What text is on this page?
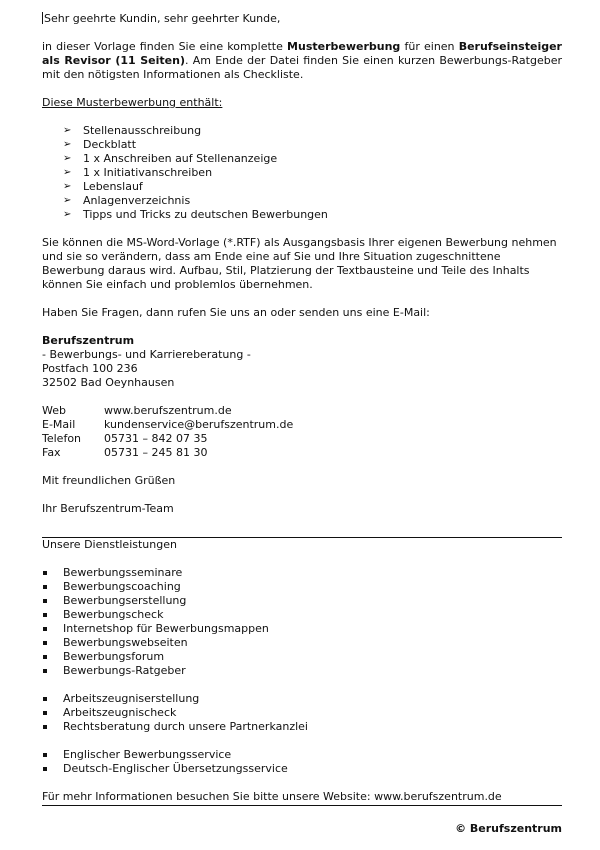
Sehr geehrte Kundin, sehr geehrter Kunde,

in dieser Vorlage finden Sie eine komplette Musterbewerbung für einen Berufseinsteiger als Revisor (11 Seiten). Am Ende der Datei finden Sie einen kurzen Bewerbungs-Ratgeber mit den nötigsten Informationen als Checkliste.

Diese Musterbewerbung enthält:

➢ Stellenausschreibung
➢ Deckblatt
➢ 1 x Anschreiben auf Stellenanzeige
➢ 1 x Initiativanschreiben
➢ Lebenslauf
➢ Anlagenverzeichnis
➢ Tipps und Tricks zu deutschen Bewerbungen

Sie können die MS-Word-Vorlage (*.RTF) als Ausgangsbasis Ihrer eigenen Bewerbung nehmen und sie so verändern, dass am Ende eine auf Sie und Ihre Situation zugeschnittene Bewerbung daraus wird. Aufbau, Stil, Platzierung der Textbausteine und Teile des Inhalts können Sie einfach und problemlos übernehmen.

Haben Sie Fragen, dann rufen Sie uns an oder senden uns eine E-Mail:

Berufszentrum

- Bewerbungs- und Karriereberatung -

Postfach 100 236

32502 Bad Oeynhausen

Web	www.berufszentrum.de
E-Mail	kundenservice@berufszentrum.de
Telefon	05731 – 842 07 35
Fax	05731 – 245 81 30

Mit freundlichen Grüßen

Ihr Berufszentrum-Team

Unsere Dienstleistungen

Bewerbungsseminare
Bewerbungscoaching
Bewerbungserstellung
Bewerbungscheck
Internetshop für Bewerbungsmappen
Bewerbungswebseiten
Bewerbungsforum
Bewerbungs-Ratgeber
Arbeitszeugniserstellung
Arbeitszeugnischeck
Rechtsberatung durch unsere Partnerkanzlei
Englischer Bewerbungsservice
Deutsch-Englischer Übersetzungsservice

Für mehr Informationen besuchen Sie bitte unsere Website: www.berufszentrum.de

© Berufszentrum
